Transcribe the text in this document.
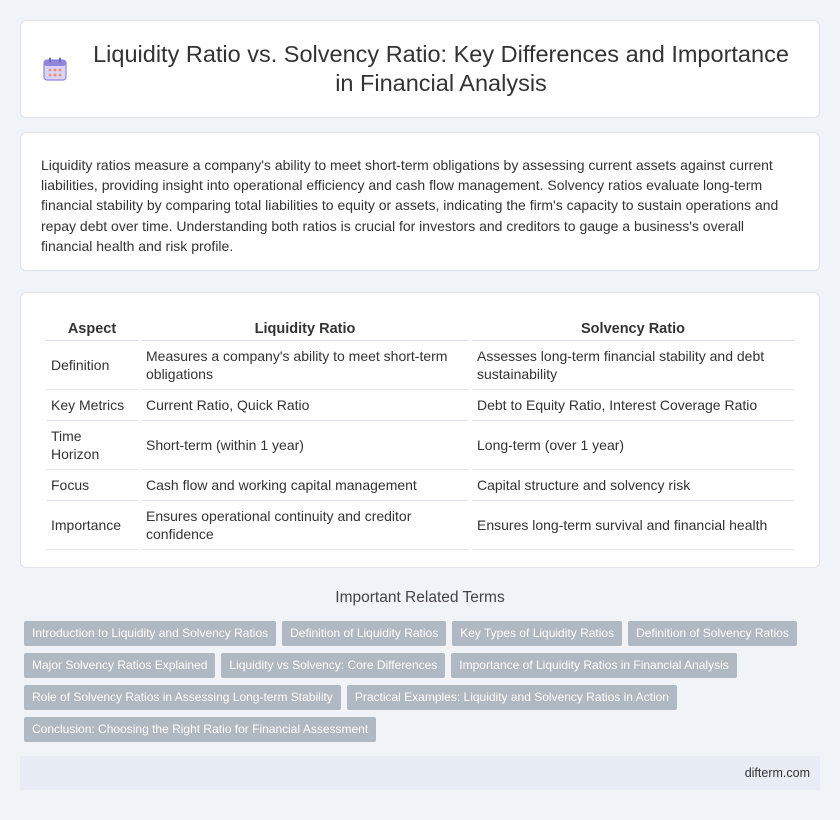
Liquidity Ratio vs. Solvency Ratio: Key Differences and Importance in Financial Analysis

Liquidity ratios measure a company's ability to meet short-term obligations by assessing current assets against current liabilities, providing insight into operational efficiency and cash flow management. Solvency ratios evaluate long-term financial stability by comparing total liabilities to equity or assets, indicating the firm's capacity to sustain operations and repay debt over time. Understanding both ratios is crucial for investors and creditors to gauge a business's overall financial health and risk profile.

Aspect	Liquidity Ratio	Solvency Ratio
Definition	Measures a company's ability to meet short-term obligations	Assesses long-term financial stability and debt sustainability
Key Metrics	Current Ratio, Quick Ratio	Debt to Equity Ratio, Interest Coverage Ratio
Time Horizon	Short-term (within 1 year)	Long-term (over 1 year)
Focus	Cash flow and working capital management	Capital structure and solvency risk
Importance	Ensures operational continuity and creditor confidence	Ensures long-term survival and financial health
Important Related Terms
Introduction to Liquidity and Solvency Ratios Definition of Liquidity Ratios Key Types of Liquidity Ratios Definition of Solvency Ratios
Major Solvency Ratios Explained Liquidity vs Solvency: Core Differences Importance of Liquidity Ratios in Financial Analysis
Role of Solvency Ratios in Assessing Long-term Stability Practical Examples: Liquidity and Solvency Ratios in Action
Conclusion: Choosing the Right Ratio for Financial Assessment
difterm.com
